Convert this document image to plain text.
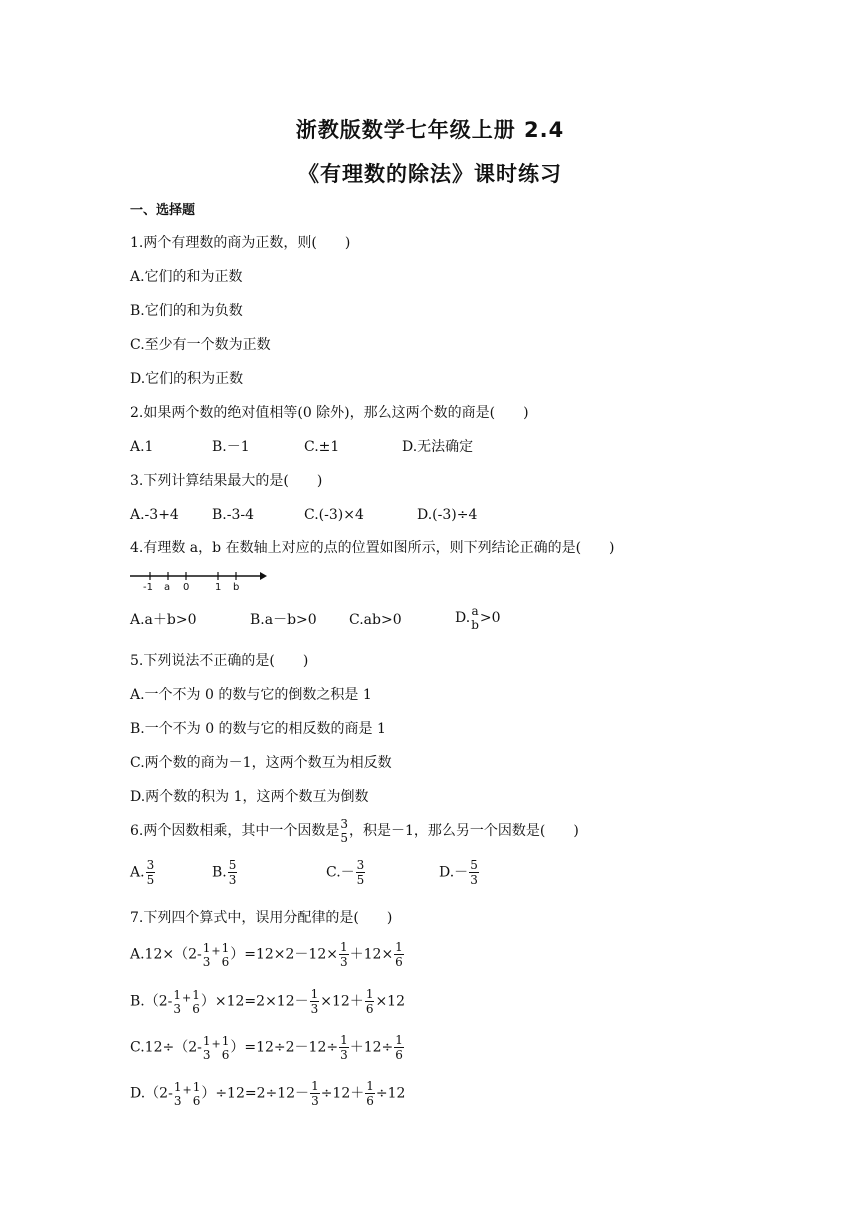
浙教版数学七年级上册 2.4
《有理数的除法》课时练习
一、选择题
1.两个有理数的商为正数，则(　　)
A.它们的和为正数
B.它们的和为负数
C.至少有一个数为正数
D.它们的积为正数
2.如果两个数的绝对值相等(0 除外)，那么这两个数的商是(　　)
A.1	B.－1	C.±1	D.无法确定
3.下列计算结果最大的是(　　)
A.-3+4 B.-3-4	C.(-3)×4	D.(-3)÷4
4.有理数 a，b 在数轴上对应的点的位置如图所示，则下列结论正确的是(　　)
-1 a 0	1 b
A.a＋b>0	B.a－b>0 C.ab>0	D. a
b >0
5.下列说法不正确的是(　　)
A.一个不为 0 的数与它的倒数之积是 1
B.一个不为 0 的数与它的相反数的商是 1
C.两个数的商为－1，这两个数互为相反数
D.两个数的积为 1，这两个数互为倒数
6.两个因数相乘，其中一个因数是 3
5 ，积是－1，那么另一个因数是(　　)
A. $\frac{3}{5}$	B. $\frac{5}{3}$	$C.- \frac{3}{5}$	$D.- \frac{5}{3}$
7.下列四个算式中，误用分配律的是(　　)
A.12×（2- 1
3
+ 1
6 ）$=12\times 2-12\times \frac{1}{3} +12\times \frac{1}{6}$
B.（2- 1
3
+ 1
6 ）$\times 12=2\times 12- \frac{1}{3} \times 12+ \frac{1}{6} \times 12$
C.12÷（2- 1
3
+ 1
6 ）$=12\div 2-12\div \frac{1}{3} +12\div \frac{1}{6}$
D.（2- 1
3
+ 1
6 ）$\div 12=2\div 12- \frac{1}{3} \div 12+ \frac{1}{6} \div 12$
